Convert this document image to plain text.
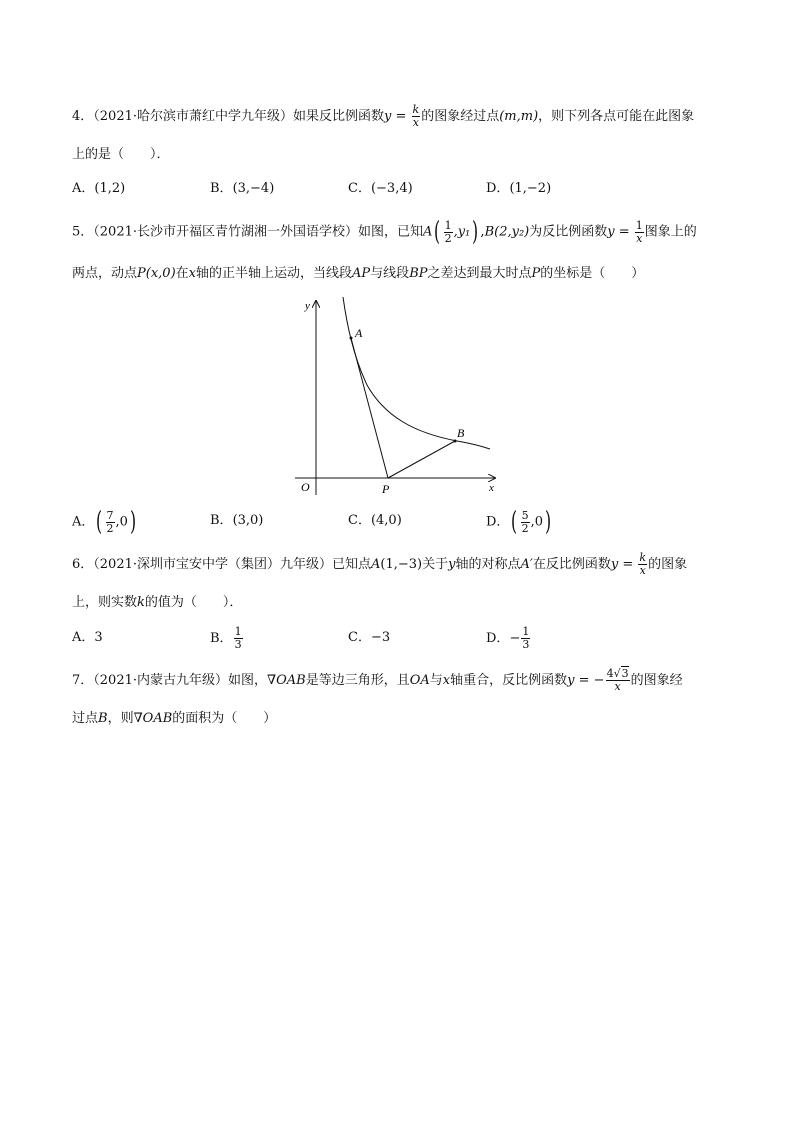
4．（2021·哈尔滨市萧红中学九年级）如果反比例函数$y = \frac{k}{x}$ 的图象经过点(m,m)，则下列各点可能在此图象
上的是（　　）．
A．(1,2)	B．(3,−4)	C．(−3,4)	D．(1,−2)
5．（2021·长沙市开福区青竹湖湘一外国语学校）如图，已知$A( \frac{1}{2} ,y_1)$ ,B(2,y₂)为反比例函数$y = \frac{1}{x}$ 图象上的
两点，动点P(x,0)在x轴的正半轴上运动，当线段AP与线段BP之差达到最大时点P的坐标是（　　）
y
x
O
A
B
P
A．( $\frac{7}{2} ,0$)	B．(3,0)	C．(4,0)	D．( $\frac{5}{2} ,0$)
6．（2021·深圳市宝安中学（集团）九年级）已知点A(1,−3)关于y轴的对称点A′在反比例函数$y = \frac{k}{x}$ 的图象
上，则实数k的值为（　　）．
A．3	B． $\frac{1}{3}$	C．−3	D．− $\frac{1}{3}$
7．（2021·内蒙古九年级）如图，∇OAB是等边三角形，且OA与x轴重合，反比例函数y = − $\frac{4√3}{x}$ 的图象经
过点B，则∇OAB的面积为（　　）
